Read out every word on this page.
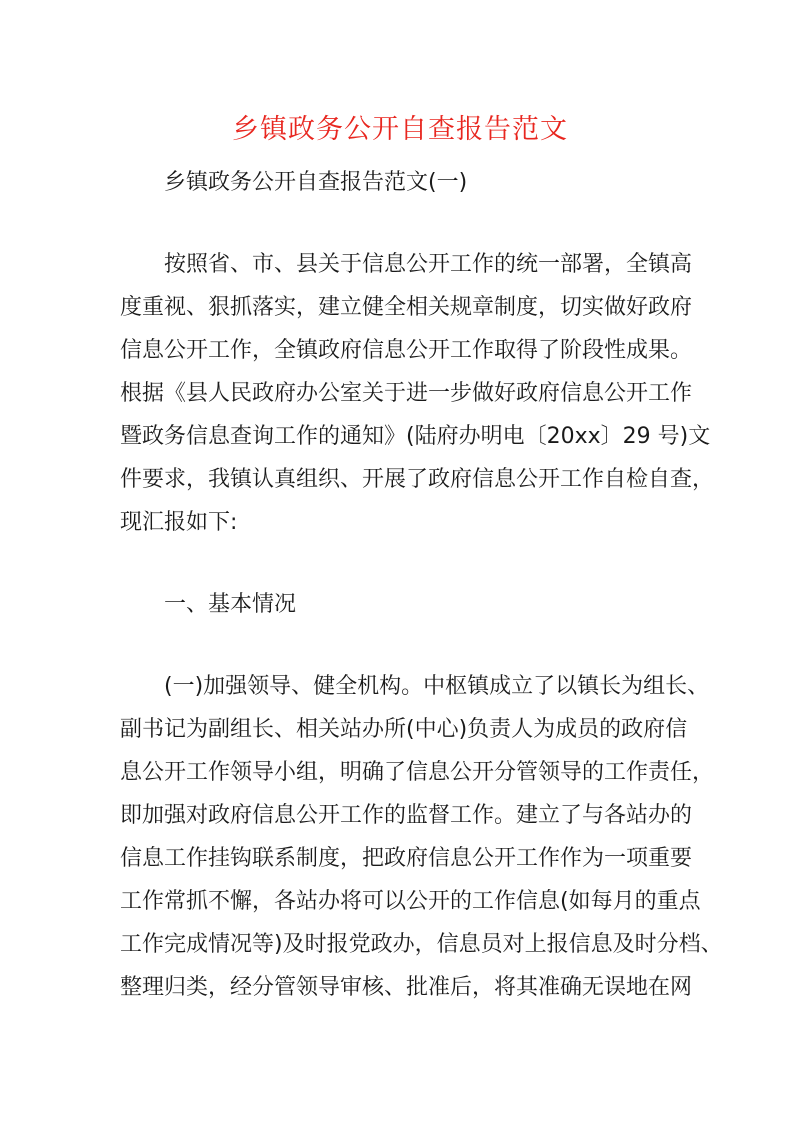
乡镇政务公开自查报告范文
乡镇政务公开自查报告范文(一)
按照省、市、县关于信息公开工作的统一部署，全镇高
度重视、狠抓落实，建立健全相关规章制度，切实做好政府
信息公开工作，全镇政府信息公开工作取得了阶段性成果。
根据《县人民政府办公室关于进一步做好政府信息公开工作
暨政务信息查询工作的通知》(陆府办明电〔20xx〕29 号)文
件要求，我镇认真组织、开展了政府信息公开工作自检自查，
现汇报如下:
一、基本情况
(一)加强领导、健全机构。中枢镇成立了以镇长为组长、
副书记为副组长、相关站办所(中心)负责人为成员的政府信
息公开工作领导小组，明确了信息公开分管领导的工作责任，
即加强对政府信息公开工作的监督工作。建立了与各站办的
信息工作挂钩联系制度，把政府信息公开工作作为一项重要
工作常抓不懈，各站办将可以公开的工作信息(如每月的重点
工作完成情况等)及时报党政办，信息员对上报信息及时分档、
整理归类，经分管领导审核、批准后，将其准确无误地在网
